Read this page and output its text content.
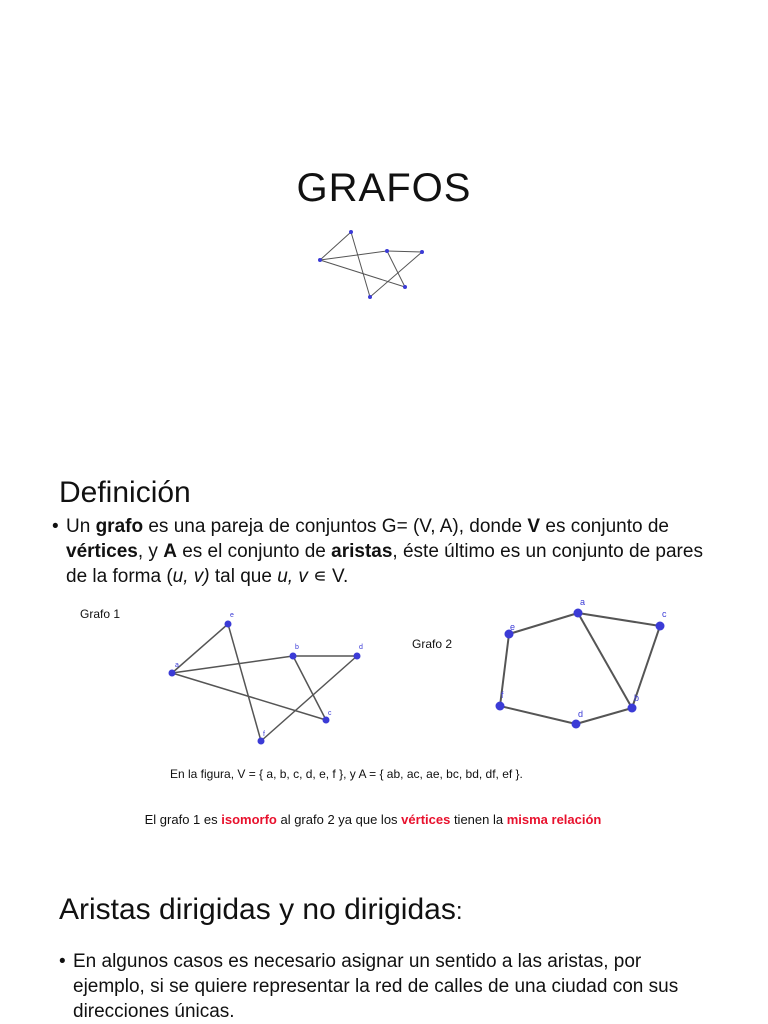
GRAFOS
Definición
• Un grafo es una pareja de conjuntos G= (V, A), donde V es conjunto de vértices, y A es el conjunto de aristas, éste último es un conjunto de pares de la forma (u, v) tal que u, v ∊ V.
Grafo 1
Grafo 2
a
e
b	d
c
f
a
e
c
f
d
b
En la figura, V = { a, b, c, d, e, f }, y A = { ab, ac, ae, bc, bd, df, ef }.
El grafo 1 es isomorfo al grafo 2 ya que los vértices tienen la misma relación
Aristas dirigidas y no dirigidas:
• En algunos casos es necesario asignar un sentido a las aristas, por ejemplo, si se quiere representar la red de calles de una ciudad con sus direcciones únicas.
